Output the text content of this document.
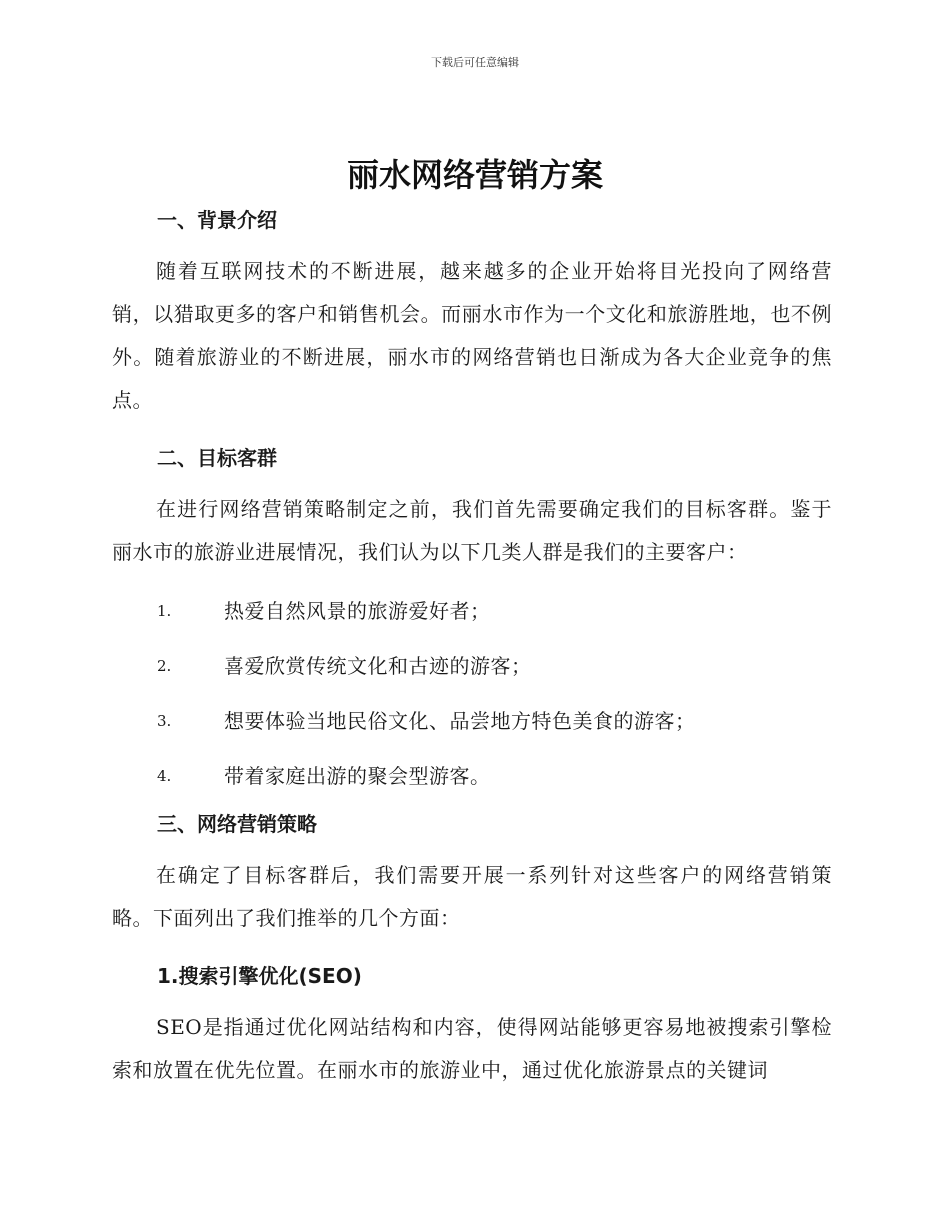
下载后可任意编辑
丽水网络营销方案
一、背景介绍

随着互联网技术的不断进展，越来越多的企业开始将目光投向了网络营销，以猎取更多的客户和销售机会。而丽水市作为一个文化和旅游胜地，也不例外。随着旅游业的不断进展，丽水市的网络营销也日渐成为各大企业竞争的焦点。

二、目标客群

在进行网络营销策略制定之前，我们首先需要确定我们的目标客群。鉴于丽水市的旅游业进展情况，我们认为以下几类人群是我们的主要客户：

1.	热爱自然风景的旅游爱好者；
2.	喜爱欣赏传统文化和古迹的游客；
3.	想要体验当地民俗文化、品尝地方特色美食的游客；
4.	带着家庭出游的聚会型游客。
三、网络营销策略

在确定了目标客群后，我们需要开展一系列针对这些客户的网络营销策略。下面列出了我们推举的几个方面：

1.搜索引擎优化(SEO)

SEO是指通过优化网站结构和内容，使得网站能够更容易地被搜索引擎检索和放置在优先位置。在丽水市的旅游业中，通过优化旅游景点的关键词
